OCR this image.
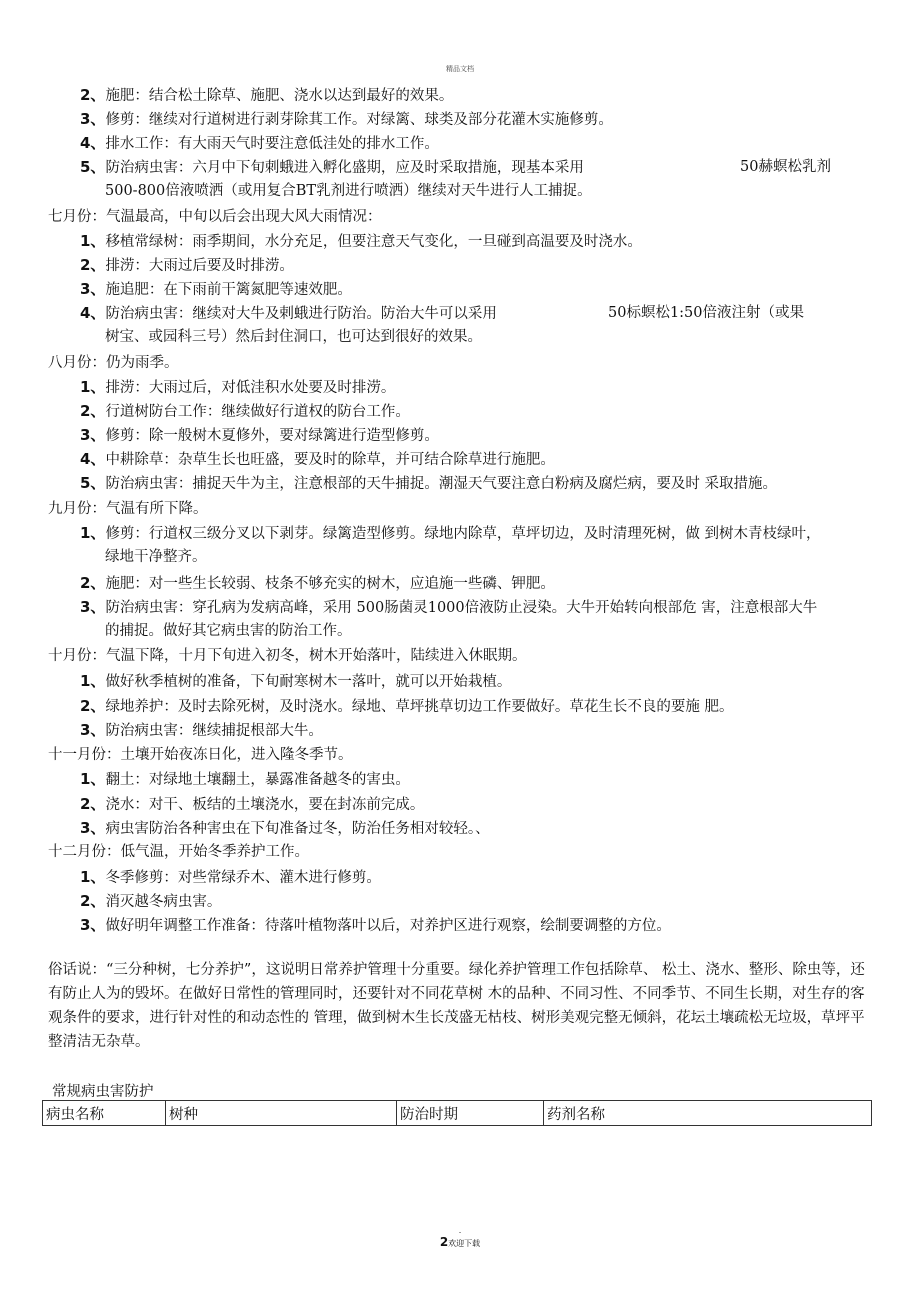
精品文档
2、施肥：结合松土除草、施肥、浇水以达到最好的效果。
3、修剪：继续对行道树进行剥芽除萁工作。对绿篱、球类及部分花灌木实施修剪。
4、排水工作：有大雨天气时要注意低洼处的排水工作。
5、防治病虫害：六月中下旬刺蛾进入孵化盛期，应及时采取措施，现基本采用	50赫螟松乳剂
500-800倍液喷洒（或用复合BT乳剂进行喷洒）继续对天牛进行人工捕捉。
七月份：气温最高，中旬以后会出现大风大雨情况：
1、移植常绿树：雨季期间，水分充足，但要注意天气变化，一旦碰到高温要及时浇水。
2、排涝：大雨过后要及时排涝。
3、施追肥：在下雨前干篱氮肥等速效肥。
4、防治病虫害：继续对大牛及剌蛾进行防治。防治大牛可以采用	50标螟松1:50倍液注射（或果
树宝、或园科三号）然后封住洞口，也可达到很好的效果。
八月份：仍为雨季。
1、排涝：大雨过后，对低洼积水处要及时排涝。
2、行道树防台工作：继续做好行道权的防台工作。
3、修剪：除一般树木夏修外，要对绿篱进行造型修剪。
4、中耕除草：杂草生长也旺盛，要及时的除草，并可结合除草进行施肥。
5、防治病虫害：捕捉天牛为主，注意根部的天牛捕捉。潮湿天气要注意白粉病及腐烂病，要及时 采取措施。
九月份：气温有所下降。
1、修剪：行道权三级分叉以下剥芽。绿篱造型修剪。绿地内除草，草坪切边，及时清理死树，做 到树木青枝绿叶，
绿地干净整齐。
2、施肥：对一些生长较弱、枝条不够充实的树木，应追施一些磷、钾肥。
3、防治病虫害：穿孔病为发病高峰，采用 500肠菌灵1000倍液防止浸染。大牛开始转向根部危 害，注意根部大牛
的捕捉。做好其它病虫害的防治工作。
十月份：气温下降，十月下旬进入初冬，树木开始落叶，陆续进入休眠期。
1、做好秋季植树的准备，下旬耐寒树木一落叶，就可以开始栽植。
2、绿地养护：及时去除死树，及时浇水。绿地、草坪挑草切边工作要做好。草花生长不良的要施 肥。
3、防治病虫害：继续捕捉根部大牛。
十一月份：土壤开始夜冻日化，进入隆冬季节。
1、翻土：对绿地土壤翻土，暴露准备越冬的害虫。
2、浇水：对干、板结的土壤浇水，要在封冻前完成。
3、病虫害防治各种害虫在下旬准备过冬，防治任务相对较轻。、
十二月份：低气温，开始冬季养护工作。
1、冬季修剪：对些常绿乔木、灌木进行修剪。
2、消灭越冬病虫害。
3、做好明年调整工作准备：待落叶植物落叶以后，对养护区进行观察，绘制要调整的方位。
俗话说：“三分种树，七分养护”，这说明日常养护管理十分重要。绿化养护管理工作包括除草、 松土、浇水、整形、除虫等，还有防止人为的毁坏。在做好日常性的管理同时，还要针对不同花草树 木的品种、不同习性、不同季节、不同生长期，对生存的客观条件的要求，进行针对性的和动态性的 管理，做到树木生长茂盛无枯枝、树形美观完整无倾斜，花坛土壤疏松无垃圾，草坪平整清洁无杂草。
常规病虫害防护
病虫名称	树种	防治时期	药剂名称
.
2欢迎下载
